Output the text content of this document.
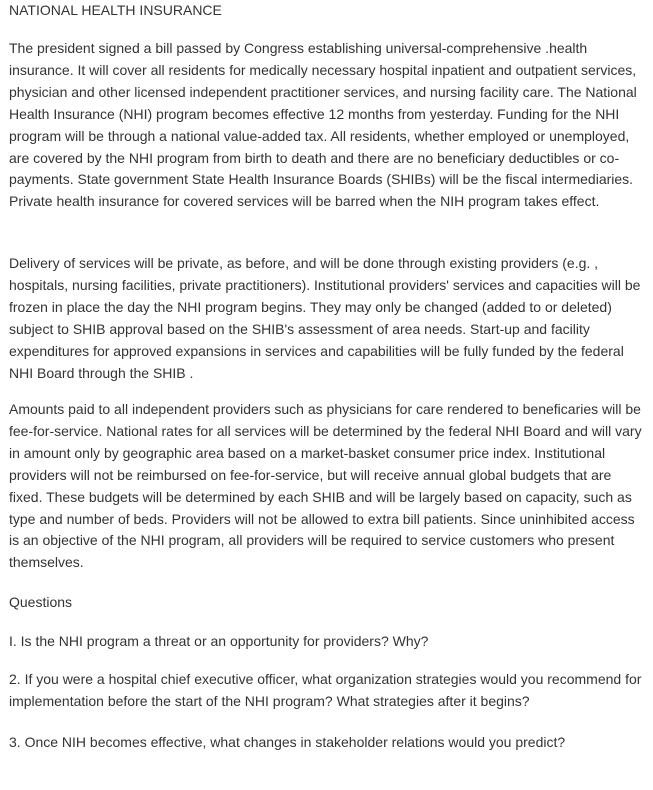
NATIONAL HEALTH INSURANCE

The president signed a bill passed by Congress establishing universal-comprehensive .health insurance. It will cover all residents for medically necessary hospital inpatient and outpatient services, physician and other licensed independent practitioner services, and nursing facility care. The National Health Insurance (NHI) program becomes effective 12 months from yesterday. Funding for the NHI program will be through a national value-added tax. All residents, whether employed or unemployed, are covered by the NHI program from birth to death and there are no beneficiary deductibles or co-payments. State government State Health Insurance Boards (SHIBs) will be the fiscal intermediaries. Private health insurance for covered services will be barred when the NIH program takes effect.

Delivery of services will be private, as before, and will be done through existing providers (e.g. , hospitals, nursing facilities, private practitioners). Institutional providers' services and capacities will be frozen in place the day the NHI program begins. They may only be changed (added to or deleted) subject to SHIB approval based on the SHIB's assessment of area needs. Start-up and facility expenditures for approved expansions in services and capabilities will be fully funded by the federal NHI Board through the SHIB .

Amounts paid to all independent providers such as physicians for care rendered to beneficaries will be fee-for-service. National rates for all services will be determined by the federal NHI Board and will vary in amount only by geographic area based on a market-basket consumer price index. Institutional providers will not be reimbursed on fee-for-service, but will receive annual global budgets that are fixed. These budgets will be determined by each SHIB and will be largely based on capacity, such as type and number of beds. Providers will not be allowed to extra bill patients. Since uninhibited access is an objective of the NHI program, all providers will be required to service customers who present themselves.

Questions

I. Is the NHI program a threat or an opportunity for providers? Why?

2. If you were a hospital chief executive officer, what organization strategies would you recommend for implementation before the start of the NHI program? What strategies after it begins?

3. Once NIH becomes effective, what changes in stakeholder relations would you predict?
